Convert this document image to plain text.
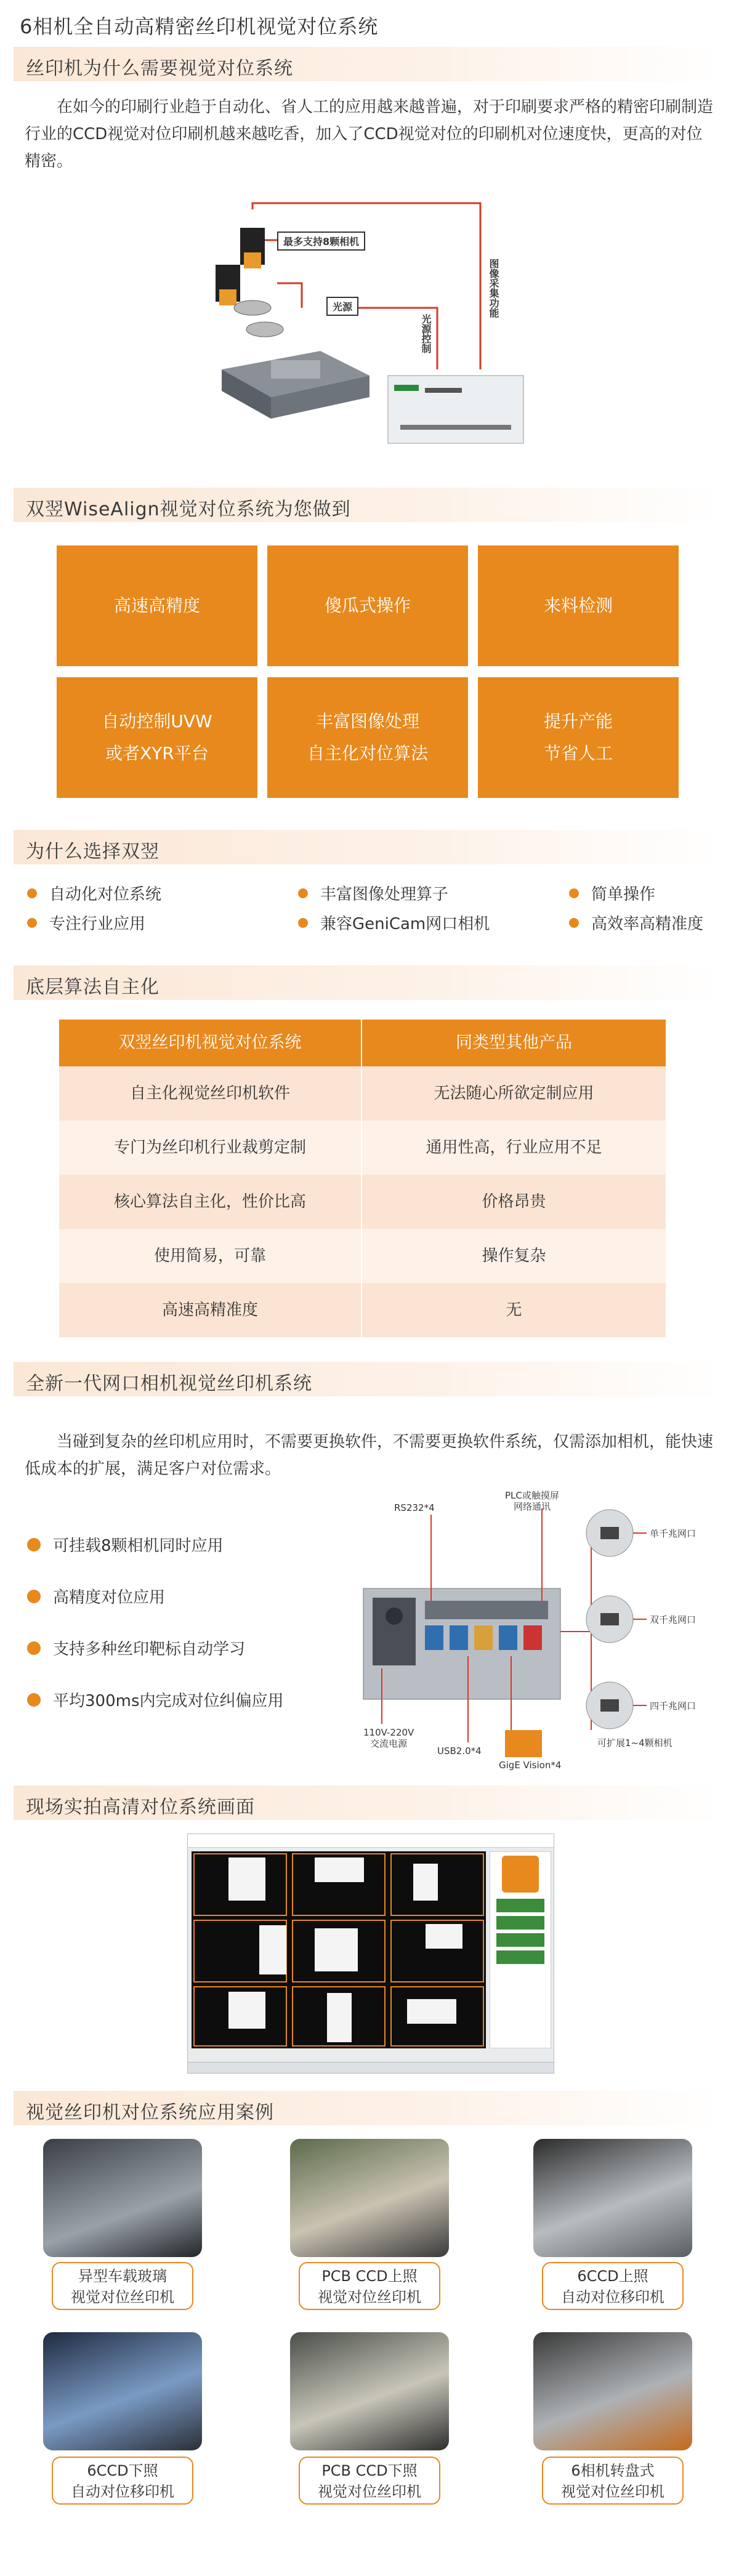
6相机全自动高精密丝印机视觉对位系统
丝印机为什么需要视觉对位系统
在如今的印刷行业趋于自动化、省人工的应用越来越普遍，对于印刷要求严格的精密印刷制造行业的CCD视觉对位印刷机越来越吃香，加入了CCD视觉对位的印刷机对位速度快，更高的对位精密。
最多支持8颗相机
光源
光源控制
图像采集功能
双翌WiseAlign视觉对位系统为您做到
高速高精度	傻瓜式操作	来料检测
自动控制UVW
或者XYR平台
丰富图像处理
自主化对位算法
提升产能
节省人工
为什么选择双翌
自动化对位系统	丰富图像处理算子	简单操作
专注行业应用	兼容GeniCam网口相机	高效率高精准度
底层算法自主化
双翌丝印机视觉对位系统	同类型其他产品
自主化视觉丝印机软件	无法随心所欲定制应用
专门为丝印机行业裁剪定制	通用性高，行业应用不足
核心算法自主化，性价比高	价格昂贵
使用简易，可靠	操作复杂
高速高精准度	无
全新一代网口相机视觉丝印机系统
当碰到复杂的丝印机应用时，不需要更换软件，不需要更换软件系统，仅需添加相机，能快速低成本的扩展，满足客户对位需求。
可挂载8颗相机同时应用
高精度对位应用
支持多种丝印靶标自动学习
平均300ms内完成对位纠偏应用
PLC或触摸屏
网络通讯
RS232*4
110V-220V
交流电源
USB2.0*4
GigE Vision*4
单千兆网口
双千兆网口
四千兆网口
可扩展1~4颗相机
现场实拍高清对位系统画面
视觉丝印机对位系统应用案例
异型车载玻璃
视觉对位丝印机
PCB CCD上照
视觉对位丝印机
6CCD上照
自动对位移印机
6CCD下照
自动对位移印机
PCB CCD下照
视觉对位丝印机
6相机转盘式
视觉对位丝印机
